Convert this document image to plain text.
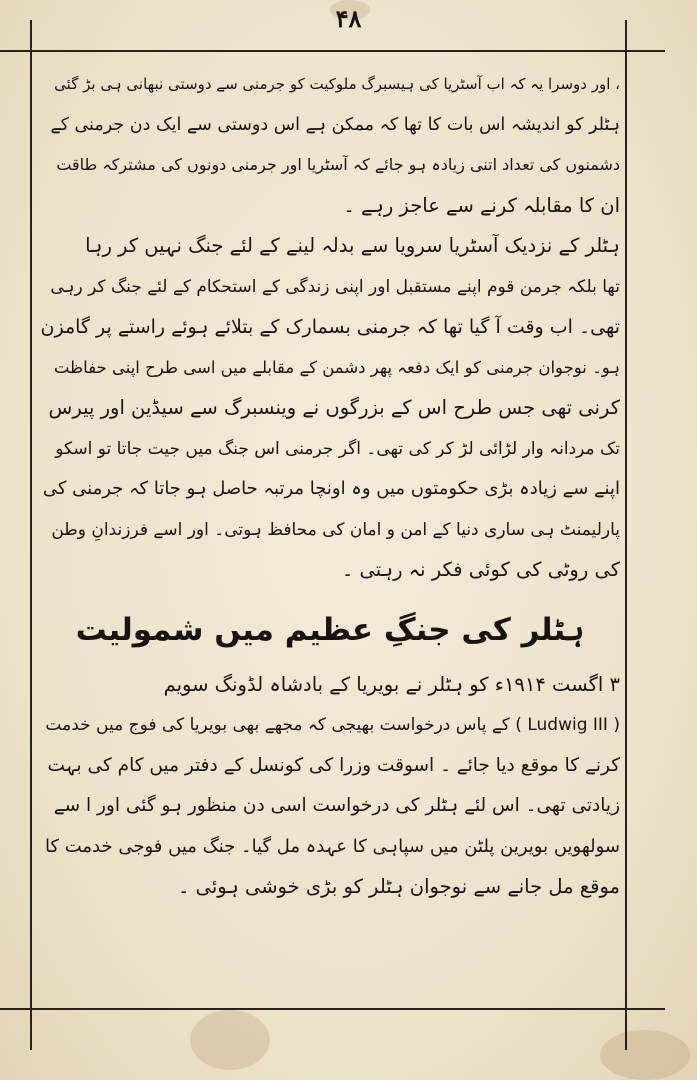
۴۸
، اور دوسرا یہ کہ اب آسٹریا کی ہیسبرگ ملوکیت کو جرمنی سے دوستی نبھانی ہی بڑ گئی
ہٹلر کو اندیشہ اس بات کا تھا کہ ممکن ہے اس دوستی سے ایک دن جرمنی کے
دشمنوں کی تعداد اتنی زیادہ ہو جائے کہ آسٹریا اور جرمنی دونوں کی مشترکہ طاقت
ان کا مقابلہ کرنے سے عاجز رہے ۔
ہٹلر کے نزدیک آسٹریا سرویا سے بدلہ لینے کے لئے جنگ نہیں کر رہا
تھا بلکہ جرمن قوم اپنے مستقبل اور اپنی زندگی کے استحکام کے لئے جنگ کر رہی
تھی۔ اب وقت آ گیا تھا کہ جرمنی بسمارک کے بتلائے ہوئے راستے پر گامزن
ہو۔ نوجوان جرمنی کو ایک دفعہ پھر دشمن کے مقابلے میں اسی طرح اپنی حفاظت
کرنی تھی جس طرح اس کے بزرگوں نے وینسبرگ سے سیڈین اور پیرس
تک مردانہ وار لڑائی لڑ کر کی تھی۔ اگر جرمنی اس جنگ میں جیت جاتا تو اسکو
اپنے سے زیادہ بڑی حکومتوں میں وہ اونچا مرتبہ حاصل ہو جاتا کہ جرمنی کی
پارلیمنٹ ہی ساری دنیا کے امن و امان کی محافظ ہوتی۔ اور اسے فرزندانِ وطن
کی روٹی کی کوئی فکر نہ رہتی ۔
ہٹلر کی جنگِ عظیم میں شمولیت
۳ اگست ۱۹۱۴ء کو ہٹلر نے بویریا کے بادشاہ لڈونگ سویم
( Ludwig III ) کے پاس درخواست بھیجی کہ مجھے بھی بویریا کی فوج میں خدمت
کرنے کا موقع دیا جائے ۔ اسوقت وزرا کی کونسل کے دفتر میں کام کی بہت
زیادتی تھی۔ اس لئے ہٹلر کی درخواست اسی دن منظور ہو گئی اور ا سے
سولھویں بویرین پلٹن میں سپاہی کا عہدہ مل گیا۔ جنگ میں فوجی خدمت کا
موقع مل جانے سے نوجوان ہٹلر کو بڑی خوشی ہوئی ۔
